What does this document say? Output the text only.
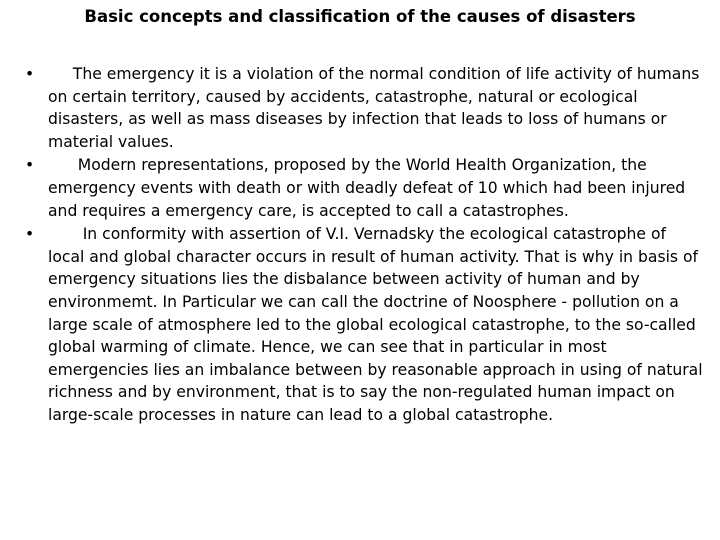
Basic concepts and classification of the causes of disasters
• The emergency it is a violation of the normal condition of life activity of humans on certain territory, caused by accidents, catastrophe, natural or ecological disasters, as well as mass diseases by infection that leads to loss of humans or material values.
• Modern representations, proposed by the World Health Organization, the emergency events with death or with deadly defeat of 10 which had been injured and requires a emergency care, is accepted to call a catastrophes.
• In conformity with assertion of V.I. Vernadsky the ecological catastrophe of local and global character occurs in result of human activity. That is why in basis of emergency situations lies the disbalance between activity of human and by environmemt. In Particular we can call the doctrine of Noosphere - pollution on a large scale of atmosphere led to the global ecological catastrophe, to the so-called global warming of climate. Hence, we can see that in particular in most emergencies lies an imbalance between by reasonable approach in using of natural richness and by environment, that is to say the non-regulated human impact on large-scale processes in nature can lead to a global catastrophe.
